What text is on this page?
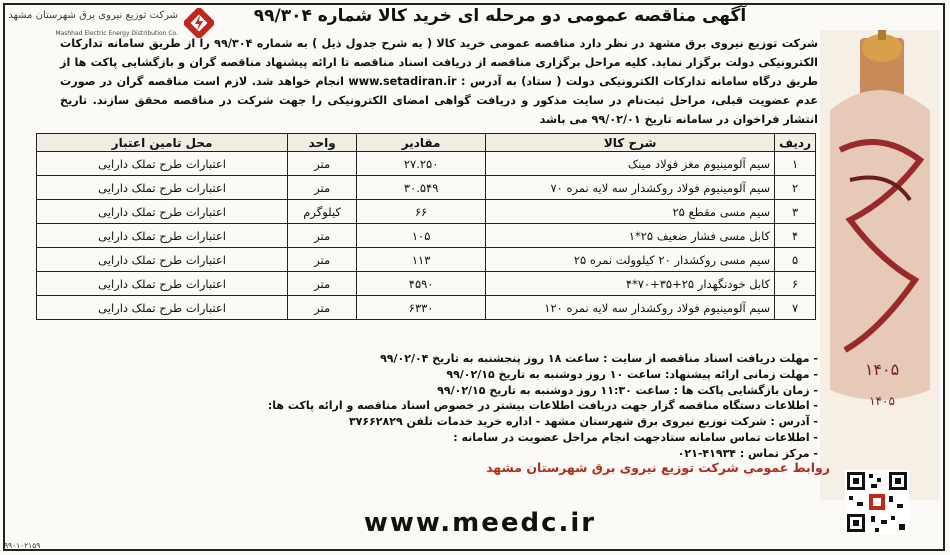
۱۴۰۵
۱۴۰۵
شرکت توزیع نیروی برق شهرستان مشهد
Mashhad Electric Energy Distribution Co.
آگهی مناقصه عمومی دو مرحله ای خرید کالا شماره ۹۹/۳۰۴
شرکت توزیع نیروی برق مشهد در نظر دارد مناقصه عمومی خرید کالا ( به شرح جدول ذیل ) به شماره ۹۹/۳۰۴ را از طریق سامانه تدارکات الکترونیکی دولت برگزار نماید. کلیه مراحل برگزاری مناقصه از دریافت اسناد مناقصه تا ارائه پیشنهاد مناقصه گران و بازگشایی پاکت ها از طریق درگاه سامانه تدارکات الکترونیکی دولت ( ستاد) به آدرس : www.setadiran.ir انجام خواهد شد. لازم است مناقصه گران در صورت عدم عضویت قبلی، مراحل ثبت‌نام در سایت مذکور و دریافت گواهی امضای الکترونیکی را جهت شرکت در مناقصه محقق سازند. تاریخ انتشار فراخوان در سامانه تاریخ ۹۹/۰۲/۰۱ می باشد
ردیف	شرح کالا	مقادیر	واحد	محل تامین اعتبار
۱	سیم آلومینیوم مغز فولاد مینک	۲۷.۲۵۰	متر	اعتبارات طرح تملک دارایی
۲	سیم آلومینیوم فولاد روکشدار سه لایه نمره ۷۰	۳۰.۵۴۹	متر	اعتبارات طرح تملک دارایی
۳	سیم مسی مقطع ۲۵	۶۶	کیلوگرم	اعتبارات طرح تملک دارایی
۴	کابل مسی فشار ضعیف ۲۵*۱	۱۰۵	متر	اعتبارات طرح تملک دارایی
۵	سیم مسی روکشدار ۲۰ کیلوولت نمره ۲۵	۱۱۳	متر	اعتبارات طرح تملک دارایی
۶	کابل خودنگهدار ۲۵+۳۵+۷۰*۴	۴۵۹۰	متر	اعتبارات طرح تملک دارایی
۷	سیم آلومینیوم فولاد روکشدار سه لایه نمره ۱۲۰	۶۳۳۰	متر	اعتبارات طرح تملک دارایی
- مهلت دریافت اسناد مناقصه از سایت : ساعت ۱۸ روز پنجشنبه به تاریخ ۹۹/۰۲/۰۴
- مهلت زمانی ارائه پیشنهاد: ساعت ۱۰ روز دوشنبه به تاریخ ۹۹/۰۲/۱۵
- زمان بازگشایی پاکت ها : ساعت ۱۱:۳۰ روز دوشنبه به تاریخ ۹۹/۰۲/۱۵
- اطلاعات دستگاه مناقصه گزار جهت دریافت اطلاعات بیشتر در خصوص اسناد مناقصه و ارائه پاکت ها:
- آدرس : شرکت توزیع نیروی برق شهرستان مشهد - اداره خرید خدمات تلفن ۳۷۶۶۲۸۲۹
- اطلاعات تماس سامانه ستادجهت انجام مراحل عضویت در سامانه :
- مرکز تماس : ۴۱۹۳۴-۰۲۱
روابط عمومی شرکت توزیع نیروی برق شهرستان مشهد
www.meedc.ir
۹۹۰۱۰۲۱۵۹
